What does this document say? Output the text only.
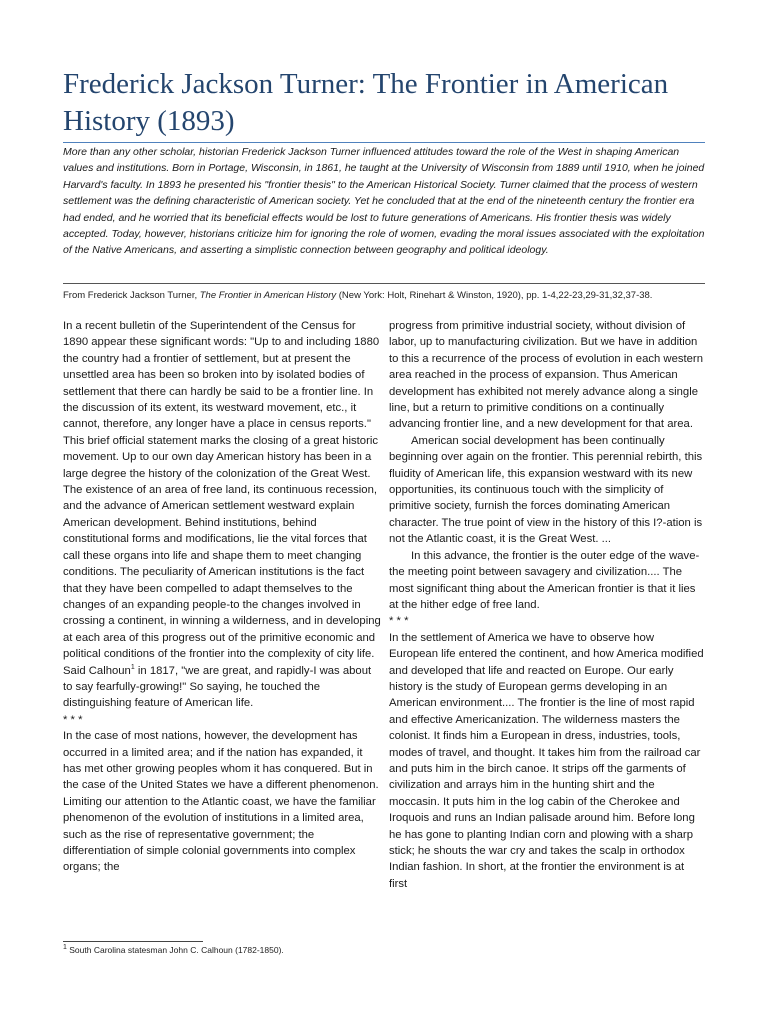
Frederick Jackson Turner: The Frontier in American History (1893)
More than any other scholar, historian Frederick Jackson Turner influenced attitudes toward the role of the West in shaping American values and institutions. Born in Portage, Wisconsin, in 1861, he taught at the University of Wisconsin from 1889 until 1910, when he joined Harvard's faculty. In 1893 he presented his "frontier thesis" to the American Historical Society. Turner claimed that the process of western settlement was the defining characteristic of American society. Yet he concluded that at the end of the nineteenth century the frontier era had ended, and he worried that its beneficial effects would be lost to future generations of Americans. His frontier thesis was widely accepted. Today, however, historians criticize him for ignoring the role of women, evading the moral issues associated with the exploitation of the Native Americans, and asserting a simplistic connection between geography and political ideology.
From Frederick Jackson Turner, The Frontier in American History (New York: Holt, Rinehart & Winston, 1920), pp. 1-4,22-23,29-31,32,37-38.

In a recent bulletin of the Superintendent of the Census for 1890 appear these significant words: "Up to and including 1880 the country had a frontier of settlement, but at present the unsettled area has been so broken into by isolated bodies of settlement that there can hardly be said to be a frontier line. In the discussion of its extent, its westward movement, etc., it cannot, therefore, any longer have a place in census reports." This brief official statement marks the closing of a great historic movement. Up to our own day American history has been in a large degree the history of the colonization of the Great West. The existence of an area of free land, its continuous recession, and the advance of American settlement westward explain American development. Behind institutions, behind constitutional forms and modifications, lie the vital forces that call these organs into life and shape them to meet changing conditions. The peculiarity of American institutions is the fact that they have been compelled to adapt themselves to the changes of an expanding people-to the changes involved in crossing a continent, in winning a wilderness, and in developing at each area of this progress out of the primitive economic and political conditions of the frontier into the complexity of city life. Said Calhoun$^1$ in 1817, "we are great, and rapidly-I was about to say fearfully-growing!" So saying, he touched the distinguishing feature of American life.

* * *

In the case of most nations, however, the development has occurred in a limited area; and if the nation has expanded, it has met other growing peoples whom it has conquered. But in the case of the United States we have a different phenomenon. Limiting our attention to the Atlantic coast, we have the familiar phenomenon of the evolution of institutions in a limited area, such as the rise of representative government; the differentiation of simple colonial governments into complex organs; the

progress from primitive industrial society, without division of labor, up to manufacturing civilization. But we have in addition to this a recurrence of the process of evolution in each western area reached in the process of expansion. Thus American development has exhibited not merely advance along a single line, but a return to primitive conditions on a continually advancing frontier line, and a new development for that area.

American social development has been continually beginning over again on the frontier. This perennial rebirth, this fluidity of American life, this expansion westward with its new opportunities, its continuous touch with the simplicity of primitive society, furnish the forces dominating American character. The true point of view in the history of this I?-ation is not the Atlantic coast, it is the Great West. ...

In this advance, the frontier is the outer edge of the wave-the meeting point between savagery and civilization.... The most significant thing about the American frontier is that it lies at the hither edge of free land.

* * *

In the settlement of America we have to observe how European life entered the continent, and how America modified and developed that life and reacted on Europe. Our early history is the study of European germs developing in an American environment.... The frontier is the line of most rapid and effective Americanization. The wilderness masters the colonist. It finds him a European in dress, industries, tools, modes of travel, and thought. It takes him from the railroad car and puts him in the birch canoe. It strips off the garments of civilization and arrays him in the hunting shirt and the moccasin. It puts him in the log cabin of the Cherokee and Iroquois and runs an Indian palisade around him. Before long he has gone to planting Indian corn and plowing with a sharp stick; he shouts the war cry and takes the scalp in orthodox Indian fashion. In short, at the frontier the environment is at first

$^1$ South Carolina statesman John C. Calhoun (1782-1850).
